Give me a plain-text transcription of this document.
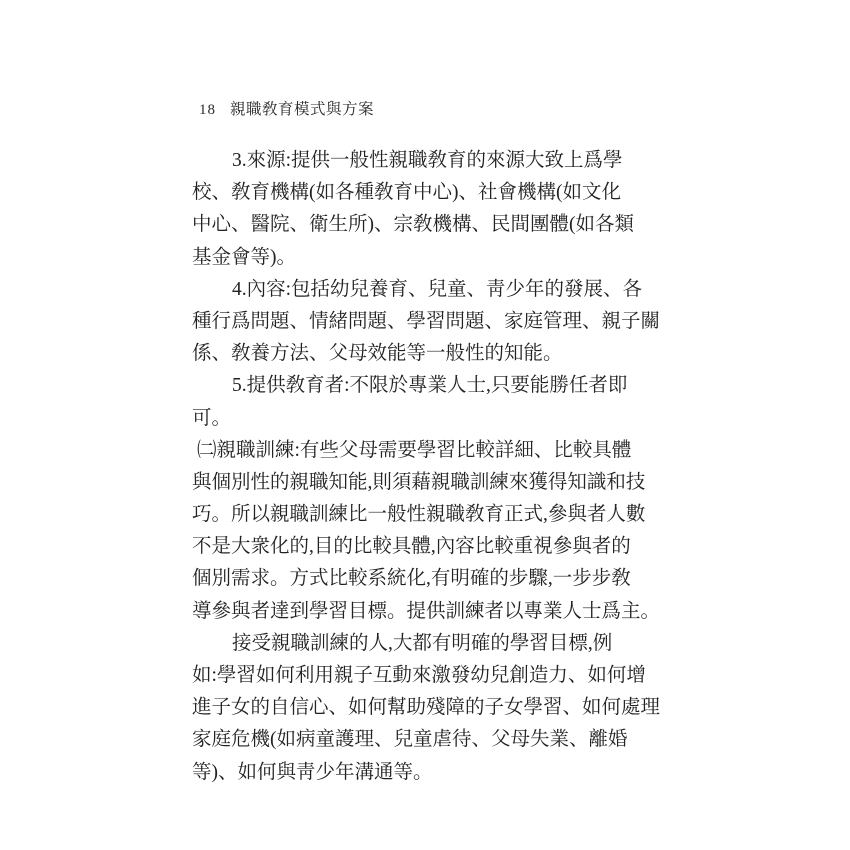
18 親職敎育模式與方案
3.來源:提供一般性親職敎育的來源大致上爲學
校、敎育機構(如各種敎育中心)、社會機構(如文化
中心、醫院、衛生所)、宗敎機構、民間團體(如各類
基金會等)。
4.內容:包括幼兒養育、兒童、靑少年的發展、各
種行爲問題、情緒問題、學習問題、家庭管理、親子關
係、敎養方法、父母效能等一般性的知能。
5.提供敎育者:不限於專業人士,只要能勝任者即
可。
㈡親職訓練:有些父母需要學習比較詳細、比較具體
與個別性的親職知能,則須藉親職訓練來獲得知識和技
巧。所以親職訓練比一般性親職敎育正式,參與者人數
不是大衆化的,目的比較具體,內容比較重視參與者的
個別需求。方式比較系統化,有明確的步驟,一步步敎
導參與者達到學習目標。提供訓練者以專業人士爲主。
接受親職訓練的人,大都有明確的學習目標,例
如:學習如何利用親子互動來激發幼兒創造力、如何增
進子女的自信心、如何幫助殘障的子女學習、如何處理
家庭危機(如病童護理、兒童虐待、父母失業、離婚
等)、如何與靑少年溝通等。
